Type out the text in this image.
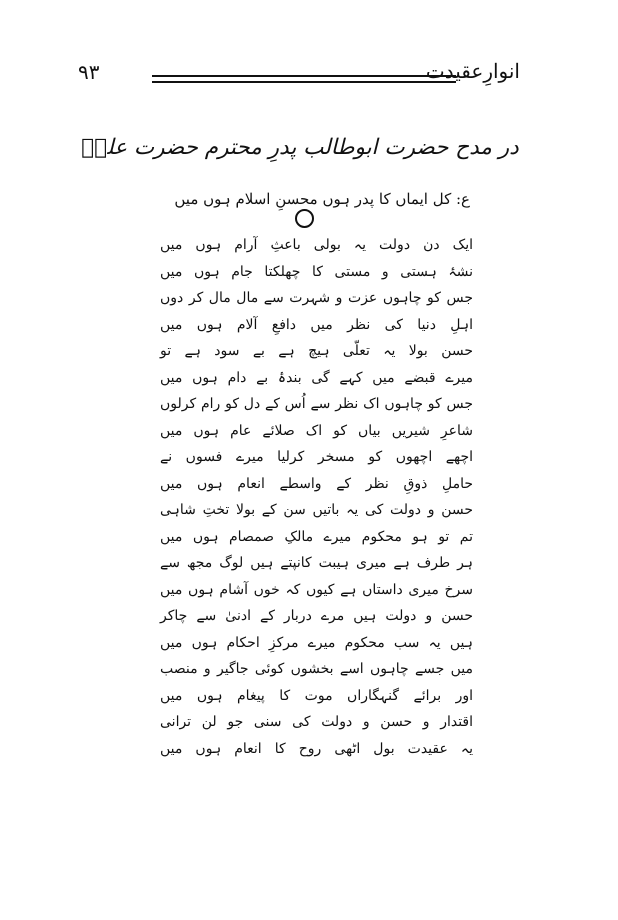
۹۳	انوارِعقیدت
در مدح حضرت ابوطالب پدرِ محترم حضرت علیؑ
ع: کل ایماں کا پدر ہوں محسنِ اسلام ہوں میں
ایک دن دولت یہ بولی باعثِ آرام ہوں میں
نشۂ ہستی و مستی کا چھلکتا جام ہوں میں
جس کو چاہوں عزت و شہرت سے مال مال کر دوں
اہلِ دنیا کی نظر میں دافعِ آلام ہوں میں
حسن بولا یہ تعلّی ہیچ ہے بے سود ہے تو
میرے قبضے میں کہے گی بندۂ بے دام ہوں میں
جس کو چاہوں اک نظر سے اُس کے دل کو رام کرلوں
شاعرِ شیریں بیاں کو اک صلائے عام ہوں میں
اچھے اچھوں کو مسخر کرلیا میرے فسوں نے
حاملِ ذوقِ نظر کے واسطے انعام ہوں میں
حسن و دولت کی یہ باتیں سن کے بولا تختِ شاہی
تم تو ہو محکوم میرے مالکِ صمصام ہوں میں
ہر طرف ہے میری ہیبت کانپتے ہیں لوگ مجھ سے
سرخ میری داستاں ہے کیوں کہ خوں آشام ہوں میں
حسن و دولت ہیں مرے دربار کے ادنیٰ سے چاکر
ہیں یہ سب محکوم میرے مرکزِ احکام ہوں میں
میں جسے چاہوں اسے بخشوں کوئی جاگیر و منصب
اور برائے گنہگاراں موت کا پیغام ہوں میں
اقتدار و حسن و دولت کی سنی جو لن ترانی
یہ عقیدت بول اٹھی روح کا انعام ہوں میں
